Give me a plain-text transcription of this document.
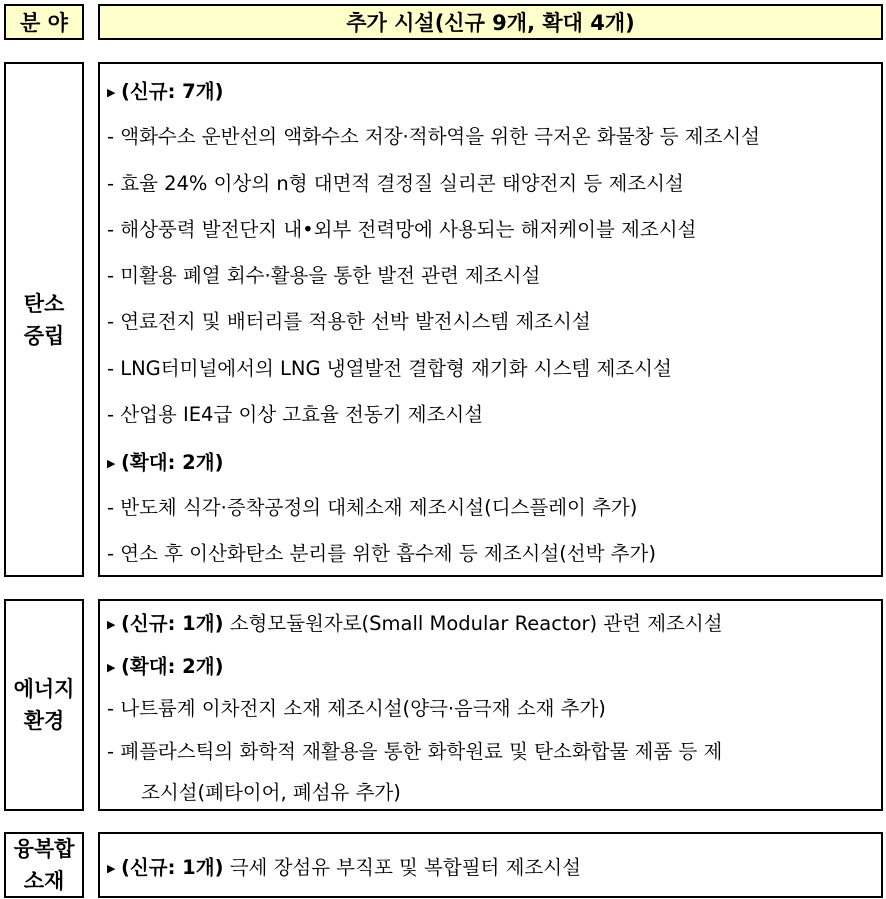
분 야	추가 시설(신규 9개, 확대 4개)
탄소
중립
▶ (신규: 7개)
- 액화수소 운반선의 액화수소 저장·적하역을 위한 극저온 화물창 등 제조시설
- 효율 24% 이상의 n형 대면적 결정질 실리콘 태양전지 등 제조시설
- 해상풍력 발전단지 내•외부 전력망에 사용되는 해저케이블 제조시설
- 미활용 폐열 회수·활용을 통한 발전 관련 제조시설
- 연료전지 및 배터리를 적용한 선박 발전시스템 제조시설
- LNG터미널에서의 LNG 냉열발전 결합형 재기화 시스템 제조시설
- 산업용 IE4급 이상 고효율 전동기 제조시설
▶ (확대: 2개)
- 반도체 식각·증착공정의 대체소재 제조시설(디스플레이 추가)
- 연소 후 이산화탄소 분리를 위한 흡수제 등 제조시설(선박 추가)
에너지
환경
▶ (신규: 1개) 소형모듈원자로(Small Modular Reactor) 관련 제조시설
▶ (확대: 2개)
- 나트륨계 이차전지 소재 제조시설(양극·음극재 소재 추가)
- 폐플라스틱의 화학적 재활용을 통한 화학원료 및 탄소화합물 제품 등 제
조시설(폐타이어, 폐섬유 추가)
융복합
소재
▶ (신규: 1개) 극세 장섬유 부직포 및 복합필터 제조시설
